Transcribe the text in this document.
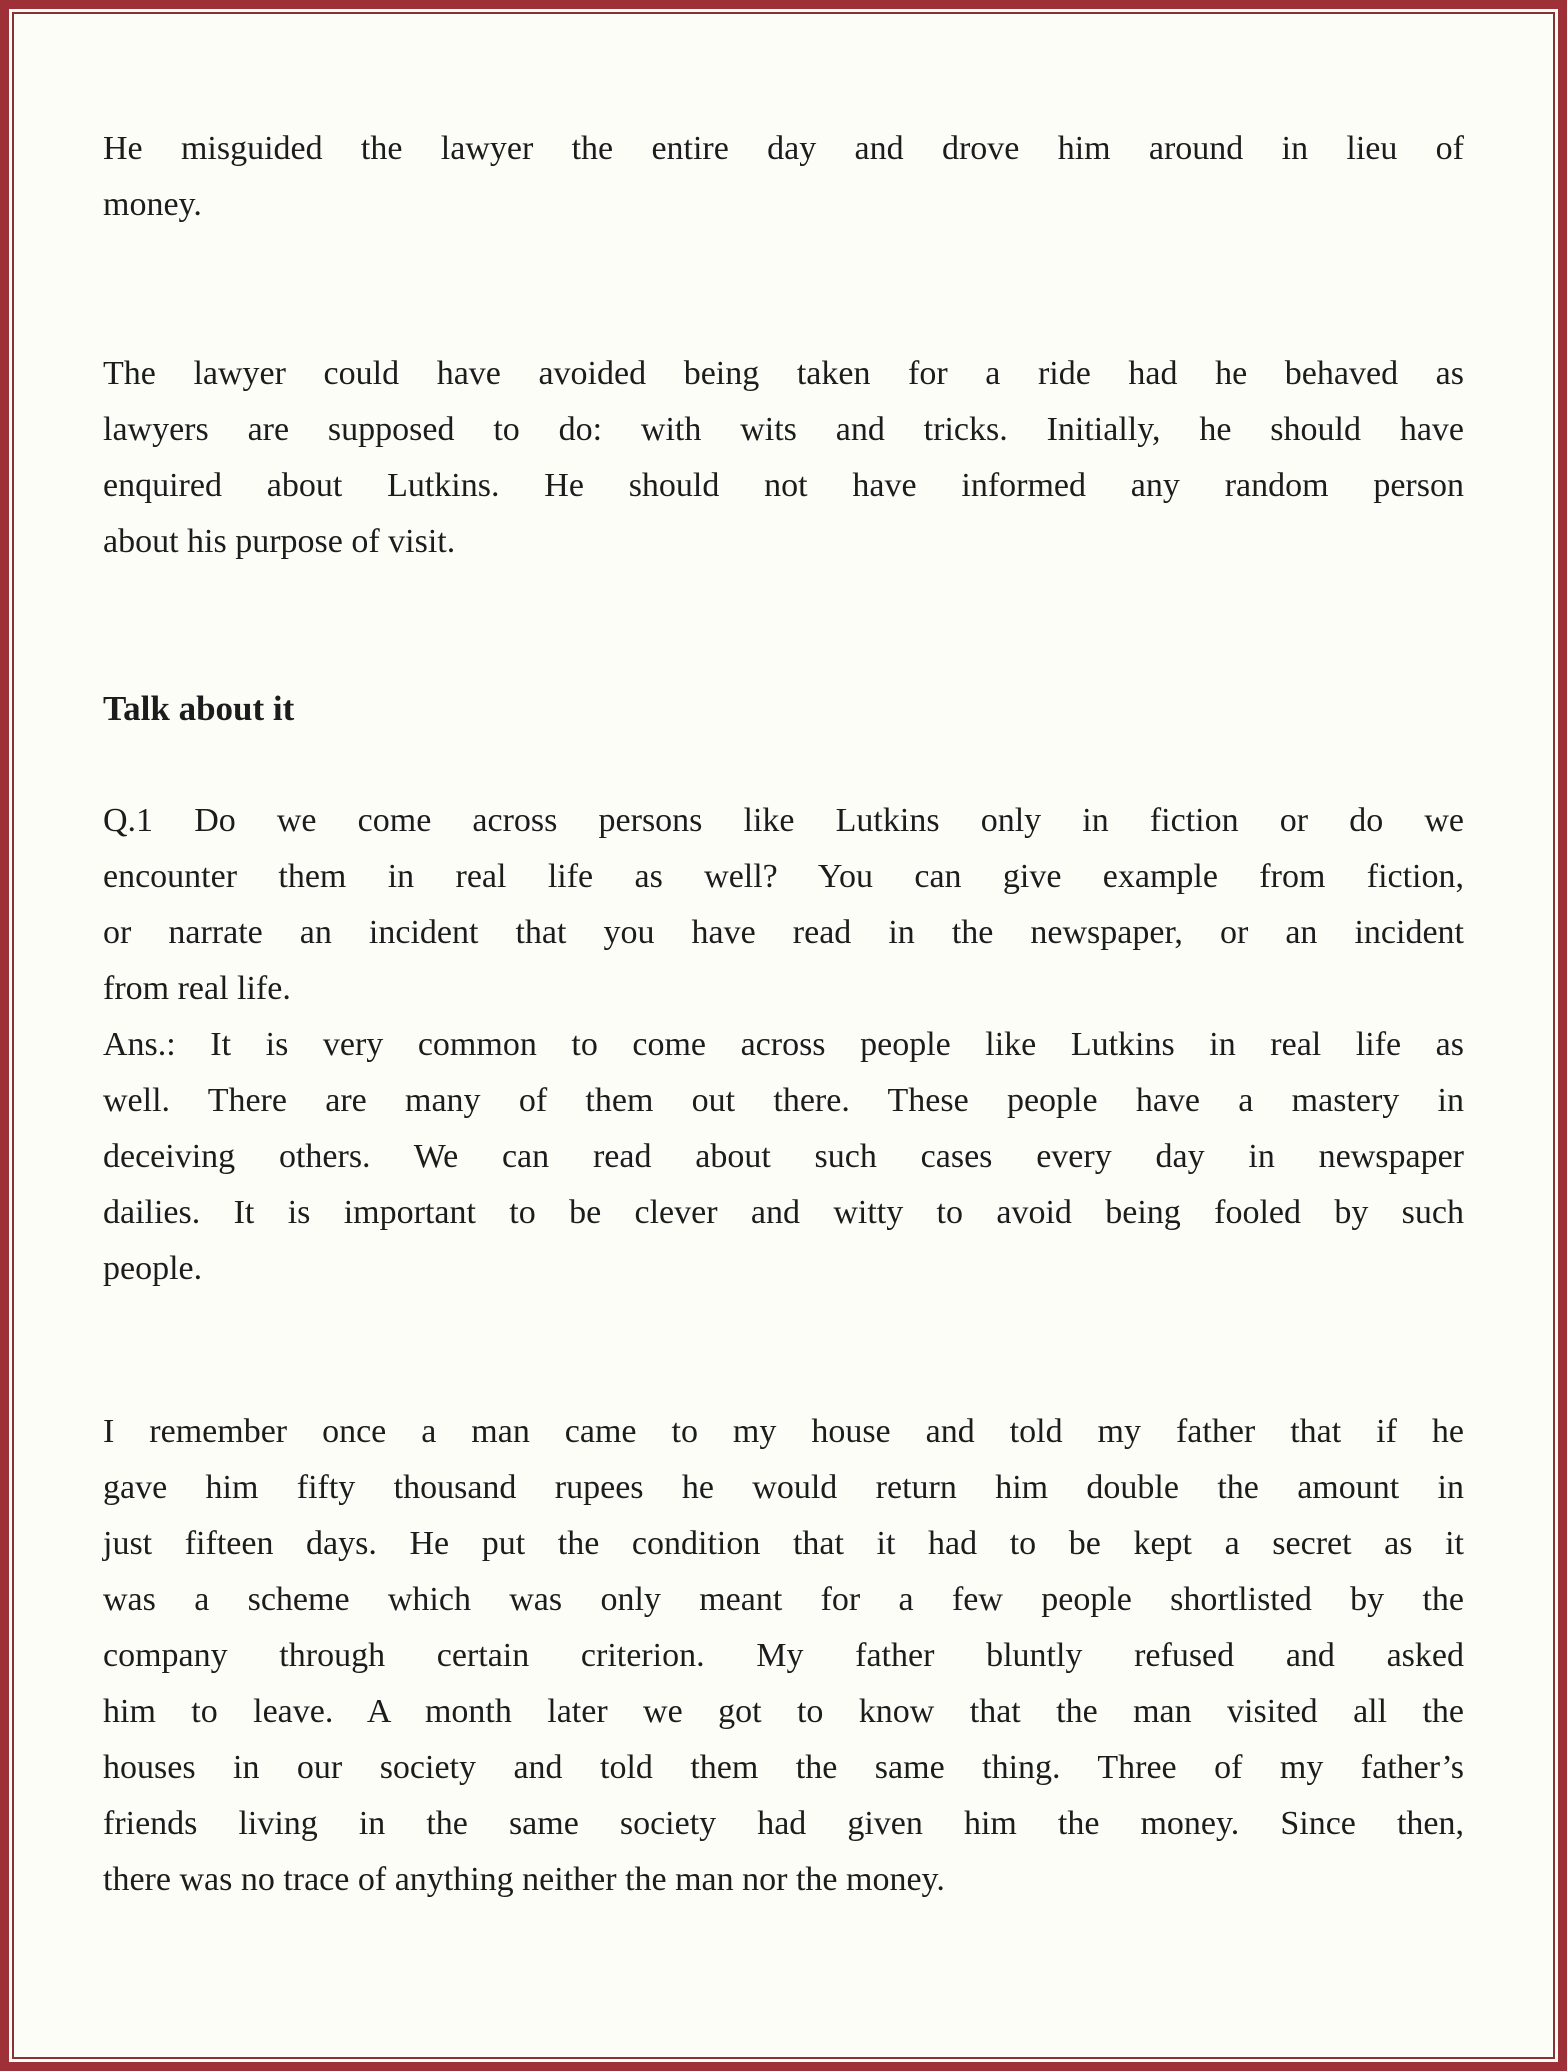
He misguided the lawyer the entire day and drove him around in lieu of
money.
The lawyer could have avoided being taken for a ride had he behaved as
lawyers are supposed to do: with wits and tricks. Initially, he should have
enquired about Lutkins. He should not have informed any random person
about his purpose of visit.
Talk about it
Q.1 Do we come across persons like Lutkins only in fiction or do we
encounter them in real life as well? You can give example from fiction,
or narrate an incident that you have read in the newspaper, or an incident
from real life.
Ans.: It is very common to come across people like Lutkins in real life as
well. There are many of them out there. These people have a mastery in
deceiving others. We can read about such cases every day in newspaper
dailies. It is important to be clever and witty to avoid being fooled by such
people.
I remember once a man came to my house and told my father that if he
gave him fifty thousand rupees he would return him double the amount in
just fifteen days. He put the condition that it had to be kept a secret as it
was a scheme which was only meant for a few people shortlisted by the
company through certain criterion. My father bluntly refused and asked
him to leave. A month later we got to know that the man visited all the
houses in our society and told them the same thing. Three of my father’s
friends living in the same society had given him the money. Since then,
there was no trace of anything neither the man nor the money.
